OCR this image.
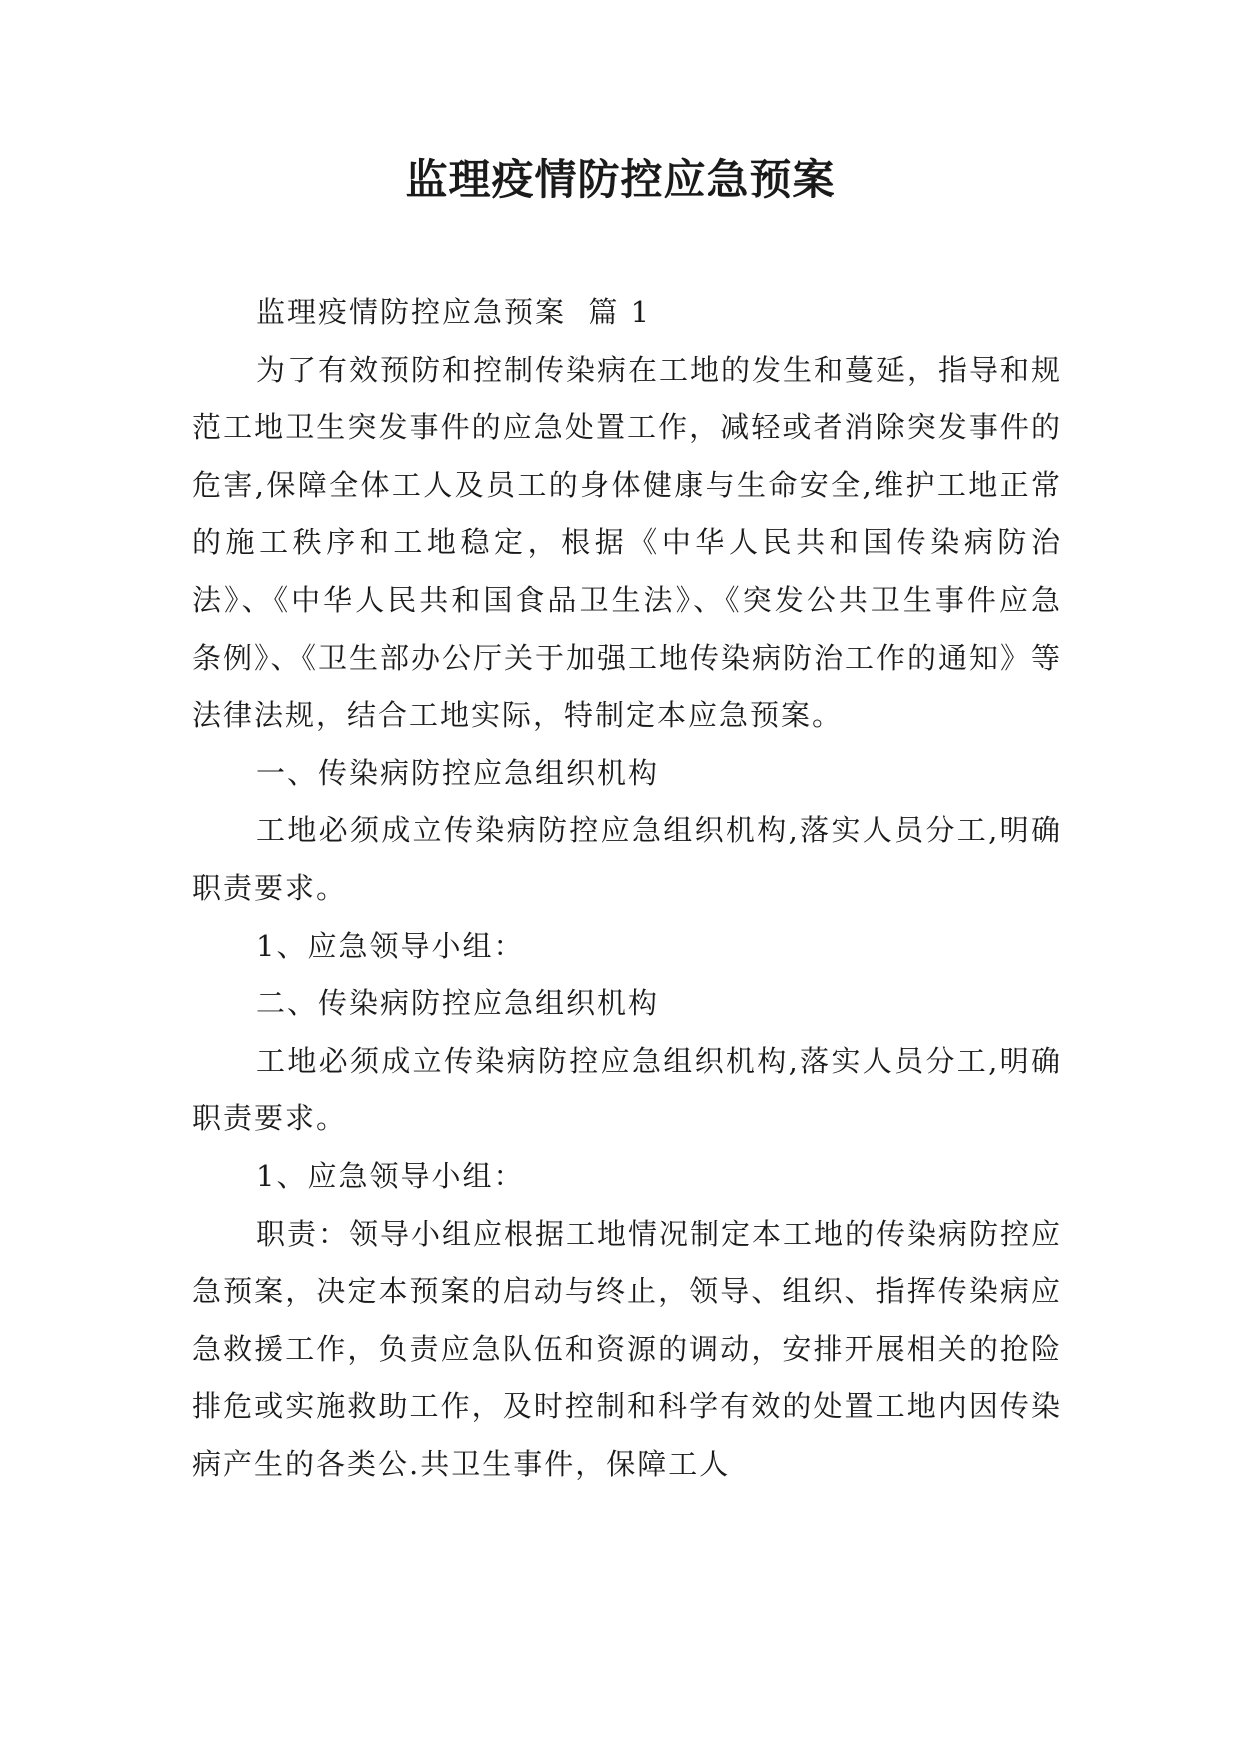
监理疫情防控应急预案

监理疫情防控应急预案  篇 1

为了有效预防和控制传染病在工地的发生和蔓延，指导和规范工地卫生突发事件的应急处置工作，减轻或者消除突发事件的危害,保障全体工人及员工的身体健康与生命安全,维护工地正常的施工秩序和工地稳定，根据《中华人民共和国传染病防治法》、《中华人民共和国食品卫生法》、《突发公共卫生事件应急条例》、《卫生部办公厅关于加强工地传染病防治工作的通知》等法律法规，结合工地实际，特制定本应急预案。

一、传染病防控应急组织机构

工地必须成立传染病防控应急组织机构,落实人员分工,明确职责要求。

1、应急领导小组：

二、传染病防控应急组织机构

工地必须成立传染病防控应急组织机构,落实人员分工,明确职责要求。

1、应急领导小组：

职责：领导小组应根据工地情况制定本工地的传染病防控应急预案，决定本预案的启动与终止，领导、组织、指挥传染病应急救援工作，负责应急队伍和资源的调动，安排开展相关的抢险排危或实施救助工作，及时控制和科学有效的处置工地内因传染病产生的各类公.共卫生事件，保障工人
